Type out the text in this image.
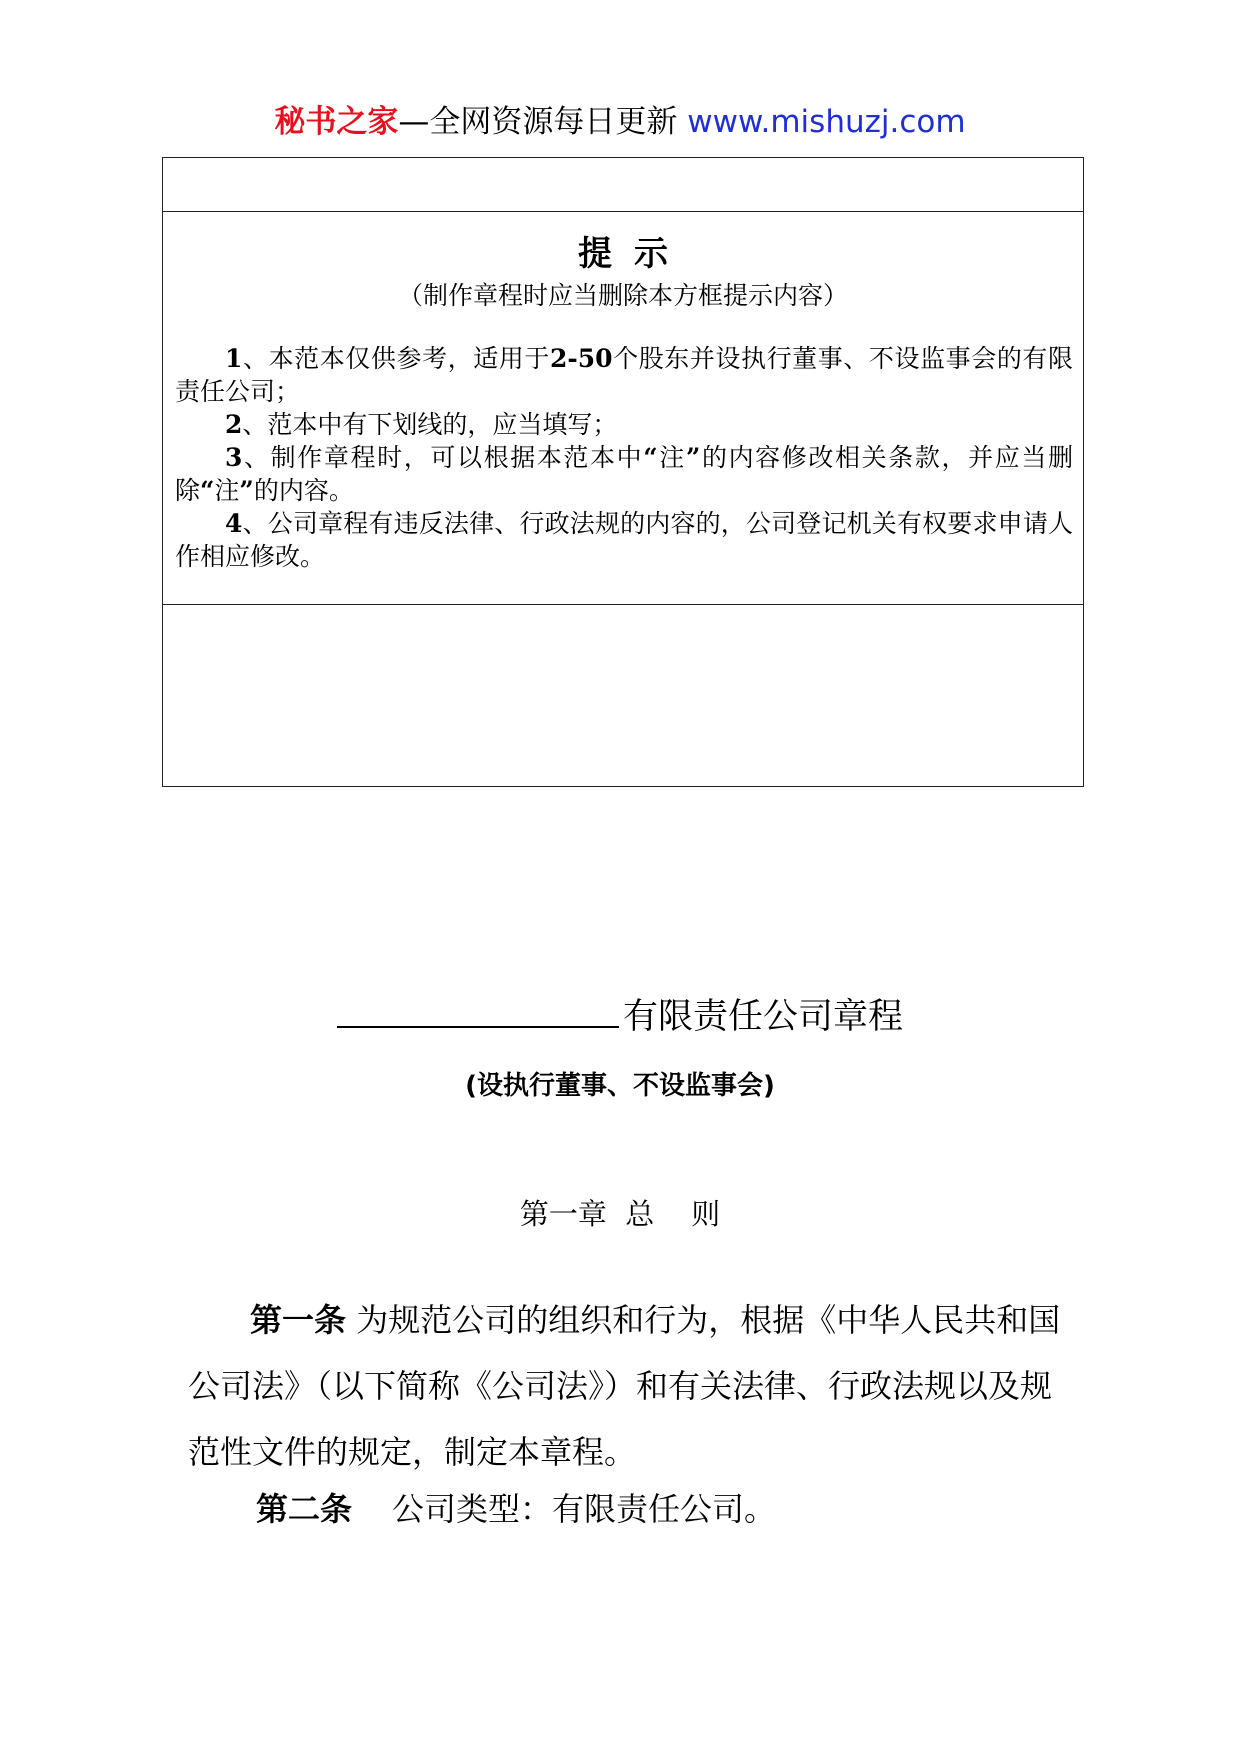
秘书之家—全网资源每日更新 www.mishuzj.com
提示
（制作章程时应当删除本方框提示内容）

1、本范本仅供参考，适用于2-50个股东并设执行董事、不设监事会的有限责任公司；

2、范本中有下划线的，应当填写；

3、制作章程时，可以根据本范本中“注”的内容修改相关条款，并应当删除“注”的内容。

4、公司章程有违反法律、行政法规的内容的，公司登记机关有权要求申请人作相应修改。

有限责任公司章程
(设执行董事、不设监事会)
第一章  总    则
第一条 为规范公司的组织和行为，根据《中华人民共和国公司法》（以下简称《公司法》）和有关法律、行政法规以及规范性文件的规定，制定本章程。
第二条 公司类型：有限责任公司。
